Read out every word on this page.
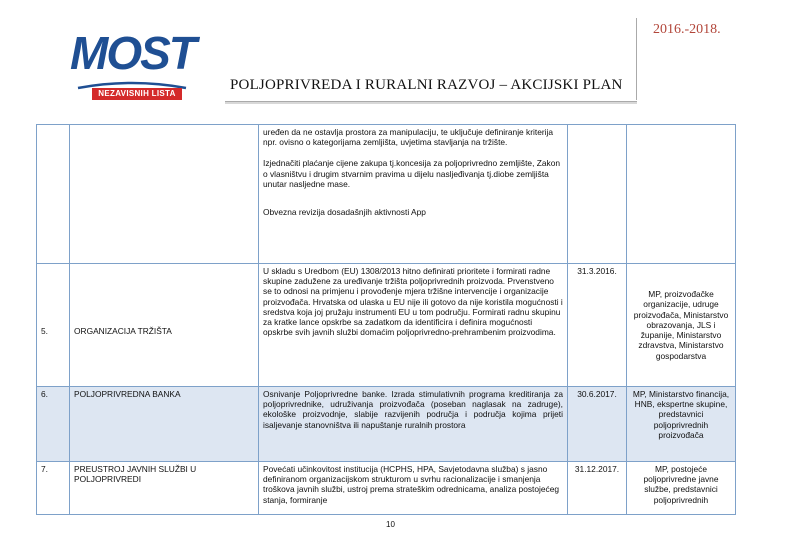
MOST
NEZAVISNIH LISTA
2016.-2018.
POLJOPRIVREDA I RURALNI RAZVOJ – AKCIJSKI PLAN

		uređen da ne ostavlja prostora za manipulaciju, te uključuje definiranje kriterija npr. ovisno o kategorijama zemljišta, uvjetima stavljanja na tržište.

Izjednačiti plaćanje cijene zakupa tj.koncesija za poljoprivredno zemljište, Zakon o vlasništvu i drugim stvarnim pravima u dijelu nasljeđivanja tj.diobe zemljišta unutar nasljedne mase.

Obvezna revizija dosadašnjih aktivnosti App		

5.	ORGANIZACIJA TRŽIŠTA	U skladu s Uredbom (EU) 1308/2013 hitno definirati prioritete i formirati radne skupine zadužene za uređivanje tržišta poljoprivrednih proizvoda. Prvenstveno se to odnosi na primjenu i provođenje mjera tržišne intervencije i organizacije proizvođača. Hrvatska od ulaska u EU nije ili gotovo da nije koristila mogućnosti i sredstva koja joj pružaju instrumenti EU u tom području. Formirati radnu skupinu za kratke lance opskrbe sa zadatkom da identificira i definira mogućnosti opskrbe svih javnih službi domaćim poljoprivredno-prehrambenim proizvodima.	31.3.2016.	MP, proizvođačke organizacije, udruge proizvođača, Ministarstvo obrazovanja, JLS i županije, Ministarstvo zdravstva, Ministarstvo gospodarstva
6.	POLJOPRIVREDNA BANKA	Osnivanje Poljoprivredne banke. Izrada stimulativnih programa kreditiranja za poljoprivrednike, udruživanja proizvođača (poseban naglasak na zadruge), ekološke proizvodnje, slabije razvijenih područja i područja kojima prijeti isaljevanje stanovništva ili napuštanje ruralnih prostora	30.6.2017.	MP, Ministarstvo financija, HNB, ekspertne skupine, predstavnici poljoprivrednih proizvođača
7.	PREUSTROJ JAVNIH SLUŽBI U POLJOPRIVREDI	Povećati učinkovitost institucija (HCPHS, HPA, Savjetodavna služba) s jasno definiranom organizacijskom strukturom u svrhu racionalizacije i smanjenja troškova javnih službi, ustroj prema strateškim odrednicama, analiza postojećeg stanja, formiranje	31.12.2017.	MP, postojeće poljoprivredne javne službe, predstavnici poljoprivrednih
10
